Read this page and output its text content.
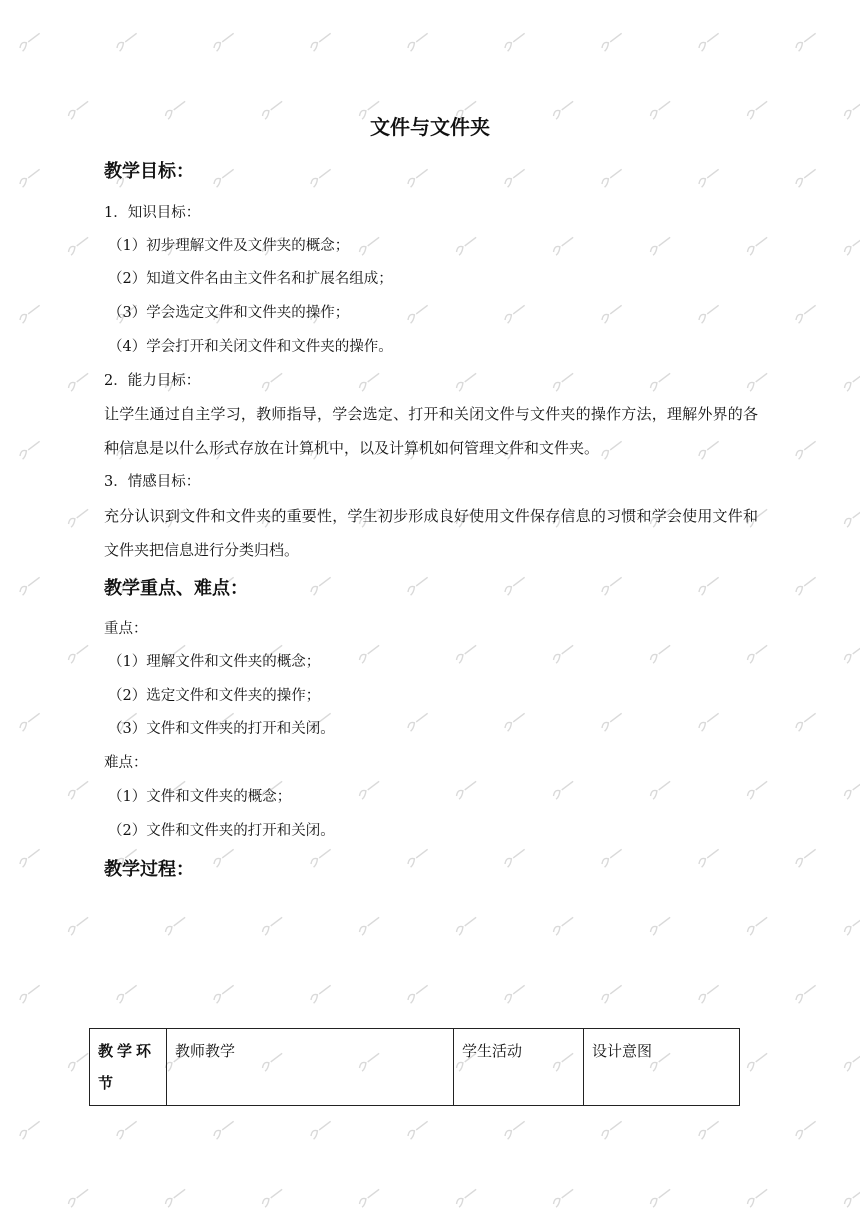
文件与文件夹
教学目标：
1．知识目标：
（1）初步理解文件及文件夹的概念；
（2）知道文件名由主文件名和扩展名组成；
（3）学会选定文件和文件夹的操作；
（4）学会打开和关闭文件和文件夹的操作。
2．能力目标：
让学生通过自主学习，教师指导，学会选定、打开和关闭文件与文件夹的操作方法，理解外界的各种信息是以什么形式存放在计算机中，以及计算机如何管理文件和文件夹。
3．情感目标：
充分认识到文件和文件夹的重要性，学生初步形成良好使用文件保存信息的习惯和学会使用文件和文件夹把信息进行分类归档。
教学重点、难点：
重点：
（1）理解文件和文件夹的概念；
（2）选定文件和文件夹的操作；
（3）文件和文件夹的打开和关闭。
难点：
（1）文件和文件夹的概念；
（2）文件和文件夹的打开和关闭。
教学过程：
教学环节	教师教学	学生活动	设计意图
